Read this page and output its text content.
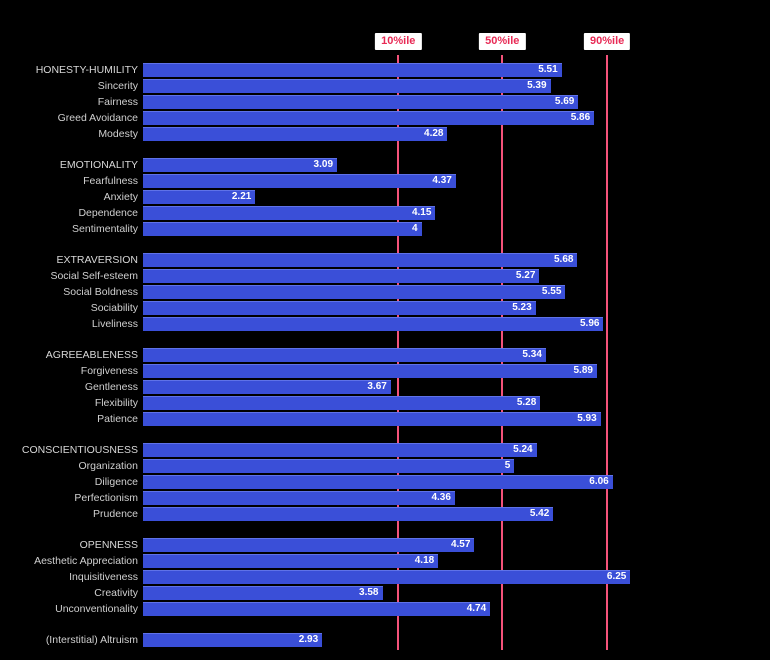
10%ile	50%ile	90%ile
HONESTY-HUMILITY	5.51
Sincerity	5.39
Fairness	5.69
Greed Avoidance	5.86
Modesty	4.28
EMOTIONALITY	3.09
Fearfulness	4.37
Anxiety	2.21
Dependence	4.15
Sentimentality	4
EXTRAVERSION	5.68
Social Self-esteem	5.27
Social Boldness	5.55
Sociability	5.23
Liveliness	5.96
AGREEABLENESS	5.34
Forgiveness	5.89
Gentleness	3.67
Flexibility	5.28
Patience	5.93
CONSCIENTIOUSNESS	5.24
Organization	5
Diligence	6.06
Perfectionism	4.36
Prudence	5.42
OPENNESS	4.57
Aesthetic Appreciation	4.18
Inquisitiveness	6.25
Creativity	3.58
Unconventionality	4.74
(Interstitial) Altruism	2.93
